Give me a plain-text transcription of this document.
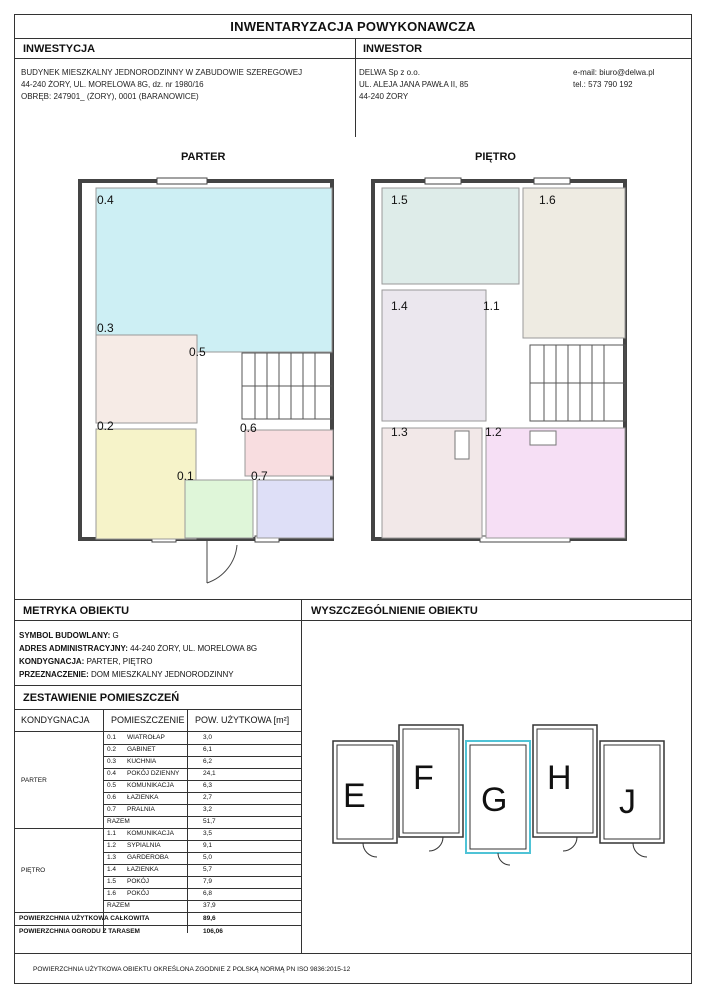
INWENTARYZACJA POWYKONAWCZA
INWESTYCJA	INWESTOR
BUDYNEK MIESZKALNY JEDNORODZINNY W ZABUDOWIE SZEREGOWEJ
44-240 ŻORY, UL. MORELOWA 8G, dz. nr 1980/16
OBRĘB: 247901_ (ŻORY), 0001 (BARANOWICE)
DELWA Sp z o.o.
UL. ALEJA JANA PAWŁA II, 85
44-240 ŻORY
e-mail: biuro@delwa.pl
tel.: 573 790 192
PARTER	PIĘTRO
0.4
0.3
0.5
0.2	0.6
0.1	0.7
1.5	1.6
1.4	1.1
1.3	1.2
METRYKA OBIEKTU	WYSZCZEGÓLNIENIE OBIEKTU
SYMBOL BUDOWLANY: G
ADRES ADMINISTRACYJNY: 44-240 ŻORY, UL. MORELOWA 8G
KONDYGNACJA: PARTER, PIĘTRO
PRZEZNACZENIE: DOM MIESZKALNY JEDNORODZINNY
ZESTAWIENIE POMIESZCZEŃ
KONDYGNACJA POMIESZCZENIE POW. UŻYTKOWA [m²]
POWIERZCHNIA UŻYTKOWA OBIEKTU OKREŚLONA ZGODNIE Z POLSKĄ NORMĄ PN ISO 9836:2015-12
E F
G
H
J
0.1 WIATROŁAP	3,0
0.2 GABINET	6,1
0.3 KUCHNIA	6,2
0.4 POKÓJ DZIENNY	24,1
0.5 KOMUNIKACJA	6,3
0.6 ŁAZIENKA	2,7
0.7 PRALNIA	3,2
RAZEM	51,7
PARTER
1.1 KOMUNIKACJA	3,5
1.2 SYPIALNIA	9,1
1.3 GARDEROBA	5,0
1.4 ŁAZIENKA	5,7
1.5 POKÓJ	7,9
1.6 POKÓJ	6,8
RAZEM	37,9
PIĘTRO
POWIERZCHNIA UŻYTKOWA CAŁKOWITA	89,6
POWIERZCHNIA OGRODU Z TARASEM	106,06
